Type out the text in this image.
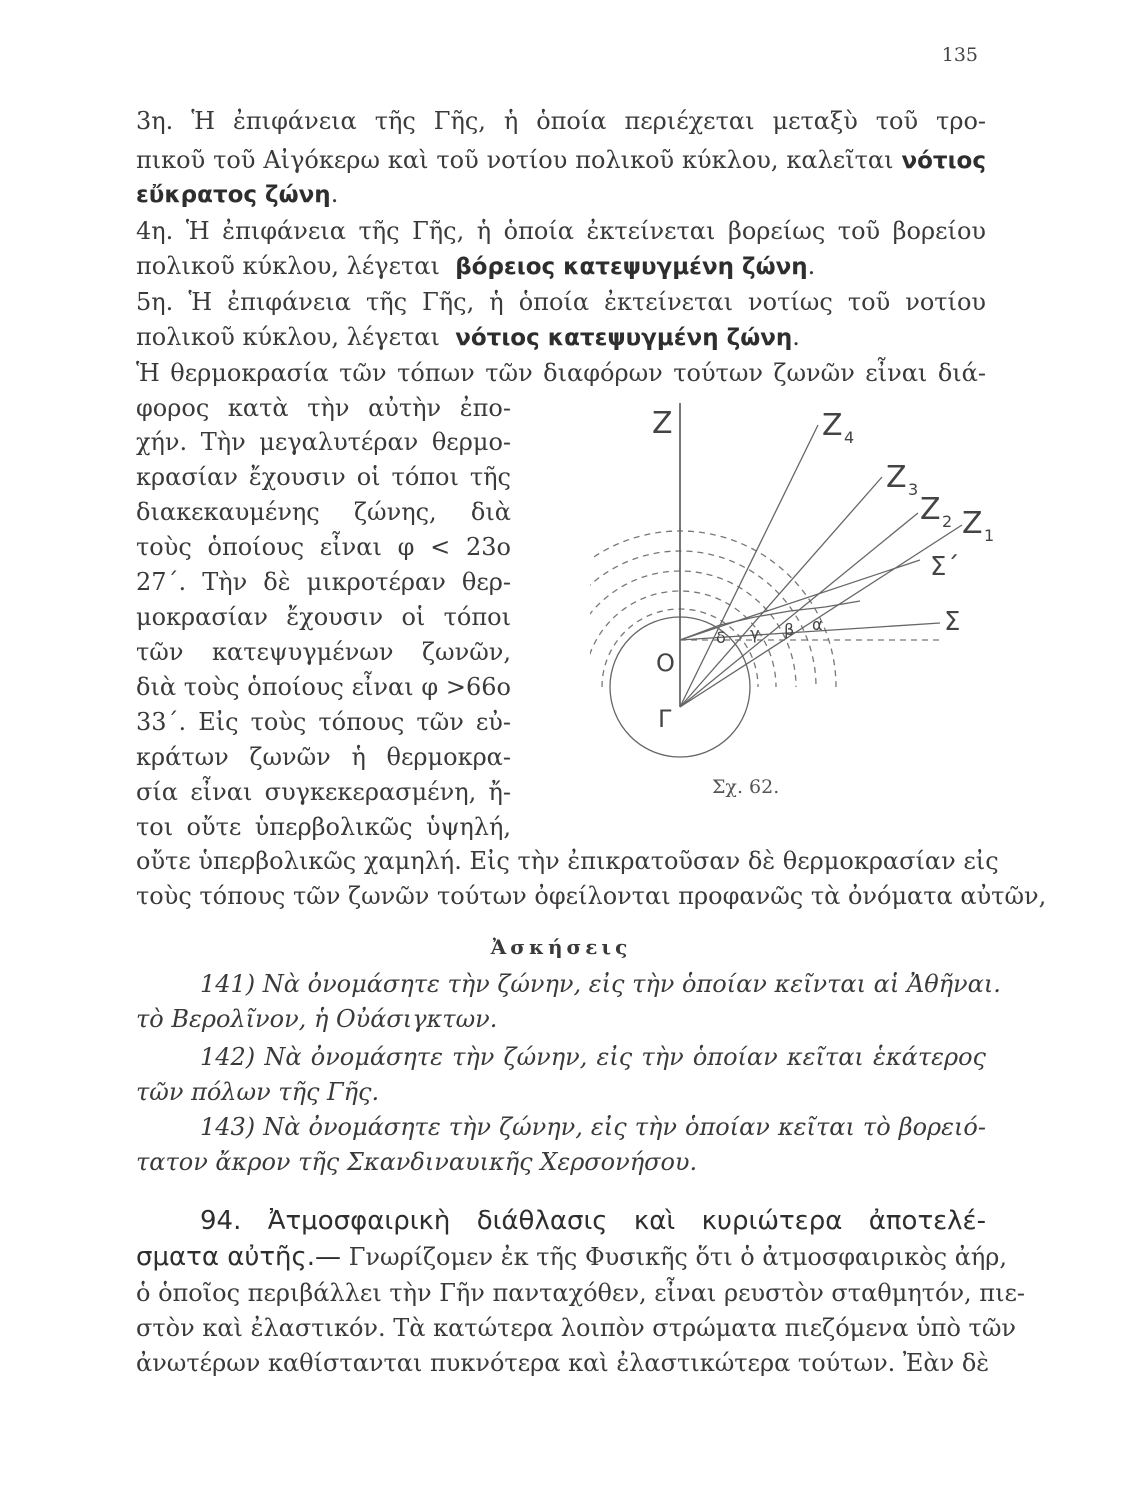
135
3η. Ἡ ἐπιφάνεια τῆς Γῆς, ἡ ὁποία περιέχεται μεταξὺ τοῦ τρο-
πικοῦ τοῦ Αἰγόκερω καὶ τοῦ νοτίου πολικοῦ κύκλου, καλεῖται νότιος
εὔκρατος ζώνη.
4η. Ἡ ἐπιφάνεια τῆς Γῆς, ἡ ὁποία ἐκτείνεται βορείως τοῦ βορείου
πολικοῦ κύκλου, λέγεται βόρειος κατεψυγμένη ζώνη.
5η. Ἡ ἐπιφάνεια τῆς Γῆς, ἡ ὁποία ἐκτείνεται νοτίως τοῦ νοτίου
πολικοῦ κύκλου, λέγεται νότιος κατεψυγμένη ζώνη.
Ἡ θερμοκρασία τῶν τόπων τῶν διαφόρων τούτων ζωνῶν εἶναι διά-
φορος κατὰ τὴν αὐτὴν ἐπο-
χήν. Τὴν μεγαλυτέραν θερμο-
κρασίαν ἔχουσιν οἱ τόποι τῆς
διακεκαυμένης ζώνης, διὰ
τοὺς ὁποίους εἶναι φ < 23ο
27΄. Τὴν δὲ μικροτέραν θερ-
μοκρασίαν ἔχουσιν οἱ τόποι
τῶν κατεψυγμένων ζωνῶν,
διὰ τοὺς ὁποίους εἶναι φ >66ο
33΄. Εἰς τοὺς τόπους τῶν εὐ-
κράτων ζωνῶν ἡ θερμοκρα-
σία εἶναι συγκεκερασμένη, ἤ-
τοι οὔτε ὑπερβολικῶς ὑψηλή,
οὔτε ὑπερβολικῶς χαμηλή. Εἰς τὴν ἐπικρατοῦσαν δὲ θερμοκρασίαν εἰς
τοὺς τόπους τῶν ζωνῶν τούτων ὀφείλονται προφανῶς τὰ ὀνόματα αὐτῶν,
Z	Z 4
Z 3
Z 2 Z 1
Σ΄
Σ
Ο
Γ
α
β
γ
δ
Σχ. 62.
Ἀσκήσεις
141) Νὰ ὀνομάσητε τὴν ζώνην, εἰς τὴν ὁποίαν κεῖνται αἱ Ἀθῆναι.
τὸ Βερολῖνον, ἡ Οὐάσιγκτων.
142) Νὰ ὀνομάσητε τὴν ζώνην, εἰς τὴν ὁποίαν κεῖται ἑκάτερος
τῶν πόλων τῆς Γῆς.
143) Νὰ ὀνομάσητε τὴν ζώνην, εἰς τὴν ὁποίαν κεῖται τὸ βορειό-
τατον ἄκρον τῆς Σκανδιναυικῆς Χερσονήσου.
94. Ἀτμοσφαιρικὴ διάθλασις καὶ κυριώτερα ἀποτελέ-
σματα αὐτῆς.— Γνωρίζομεν ἐκ τῆς Φυσικῆς ὅτι ὁ ἀτμοσφαιρικὸς ἀήρ,
ὁ ὁποῖος περιβάλλει τὴν Γῆν πανταχόθεν, εἶναι ρευστὸν σταθμητόν, πιε-
στὸν καὶ ἐλαστικόν. Τὰ κατώτερα λοιπὸν στρώματα πιεζόμενα ὑπὸ τῶν
ἀνωτέρων καθίστανται πυκνότερα καὶ ἐλαστικώτερα τούτων. Ἐὰν δὲ
